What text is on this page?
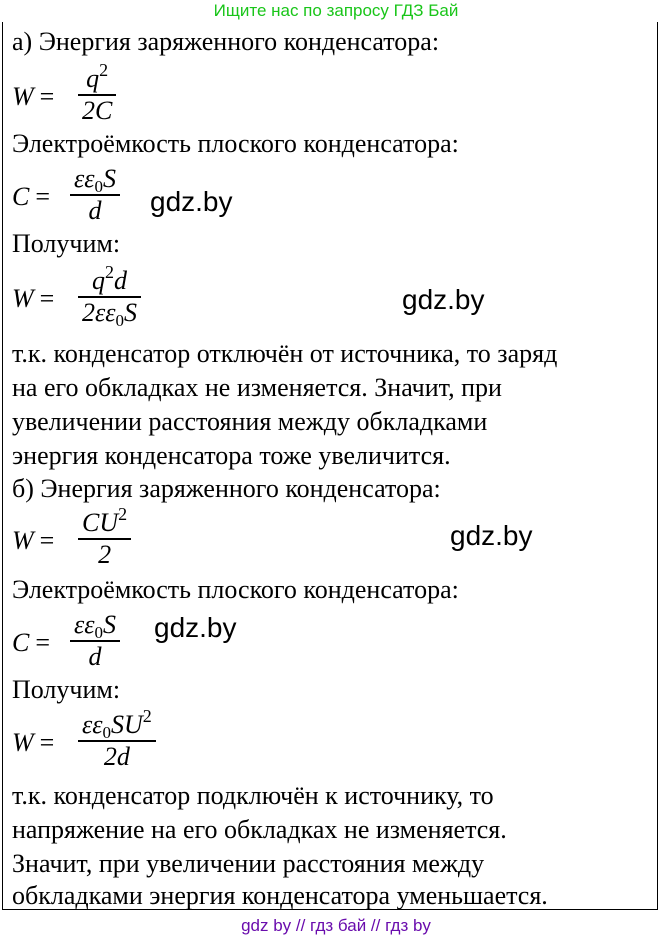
Ищите нас по запросу ГДЗ Бай
а) Энергия заряженного конденсатора:
W =
$q^2$
2C
Электроёмкость плоского конденсатора:
C =
$\varepsilon\varepsilon_0S$
d	gdz.by
Получим:
W =
$q^2d$
$2\varepsilon\varepsilon_0S$	gdz.by
т.к. конденсатор отключён от источника, то заряд
на его обкладках не изменяется. Значит, при
увеличении расстояния между обкладками
энергия конденсатора тоже увеличится.
б) Энергия заряженного конденсатора:
W =
$CU^2$
2
gdz.by
Электроёмкость плоского конденсатора:
C =
$\varepsilon\varepsilon_0S$
d
gdz.by
Получим:
W =
$\varepsilon\varepsilon_0SU^2$
2d
т.к. конденсатор подключён к источнику, то
напряжение на его обкладках не изменяется.
Значит, при увеличении расстояния между
обкладками энергия конденсатора уменьшается.
gdz by // гдз бай // гдз by
